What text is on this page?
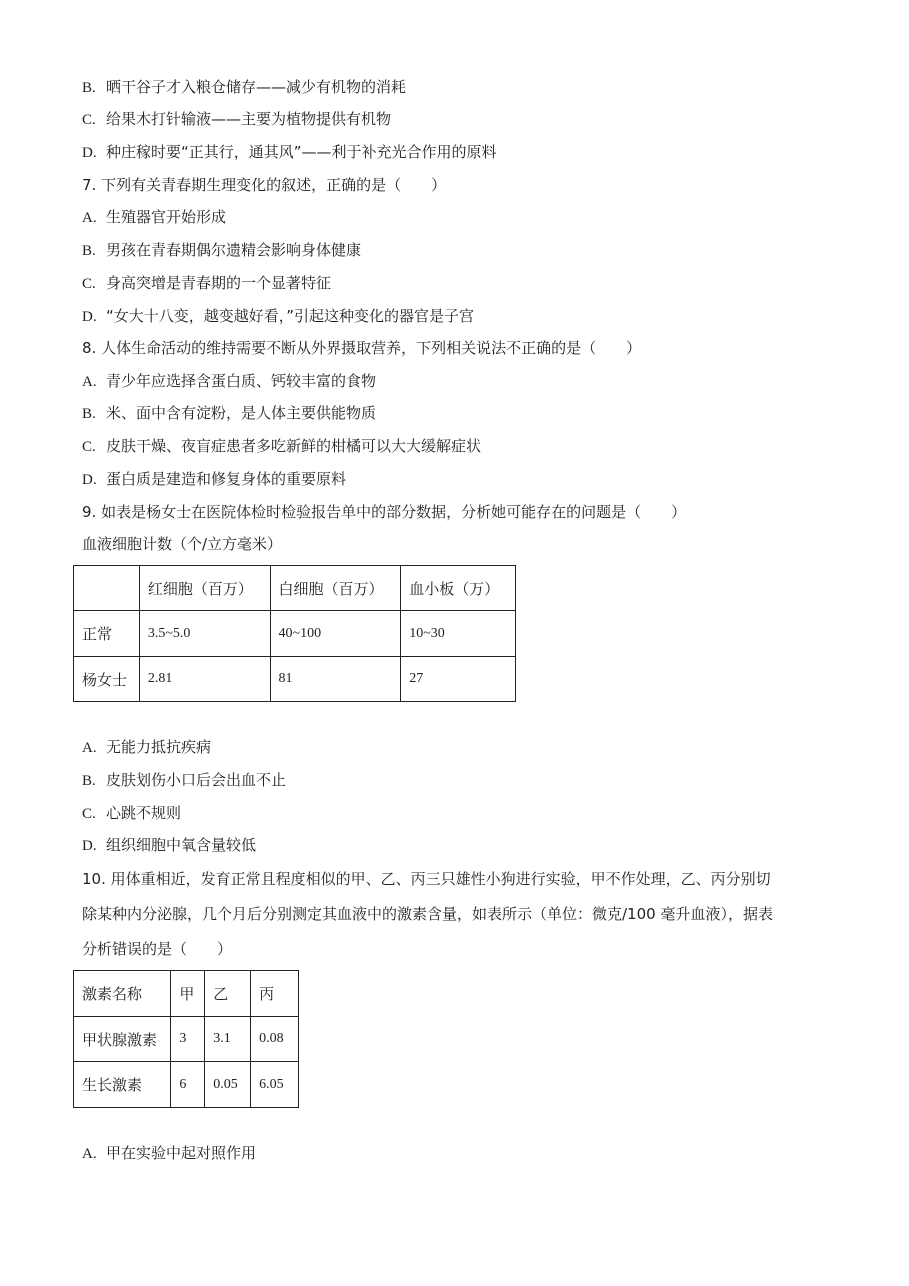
B. 晒干谷子才入粮仓储存——减少有机物的消耗
C. 给果木打针输液——主要为植物提供有机物
D. 种庄稼时要“正其行，通其风”——利于补充光合作用的原料
7. 下列有关青春期生理变化的叙述，正确的是（　　）
A. 生殖器官开始形成
B. 男孩在青春期偶尔遗精会影响身体健康
C. 身高突增是青春期的一个显著特征
D. “女大十八变，越变越好看，”引起这种变化的器官是子宫
8. 人体生命活动的维持需要不断从外界摄取营养，下列相关说法不正确的是（　　）
A. 青少年应选择含蛋白质、钙较丰富的食物
B. 米、面中含有淀粉，是人体主要供能物质
C. 皮肤干燥、夜盲症患者多吃新鲜的柑橘可以大大缓解症状
D. 蛋白质是建造和修复身体的重要原料
9. 如表是杨女士在医院体检时检验报告单中的部分数据，分析她可能存在的问题是（　　）
血液细胞计数（个/立方毫米）
	红细胞（百万）	白细胞（百万）	血小板（万）
正常	3.5~5.0	40~100	10~30
杨女士	2.81	81	27
A. 无能力抵抗疾病
B. 皮肤划伤小口后会出血不止
C. 心跳不规则
D. 组织细胞中氧含量较低
10. 用体重相近，发育正常且程度相似的甲、乙、丙三只雄性小狗进行实验，甲不作处理，乙、丙分别切
除某种内分泌腺，几个月后分别测定其血液中的激素含量，如表所示（单位：微克/100 毫升血液），据表
分析错误的是（　　）
激素名称	甲	乙	丙
甲状腺激素	3	3.1	0.08
生长激素	6	0.05	6.05
A. 甲在实验中起对照作用
